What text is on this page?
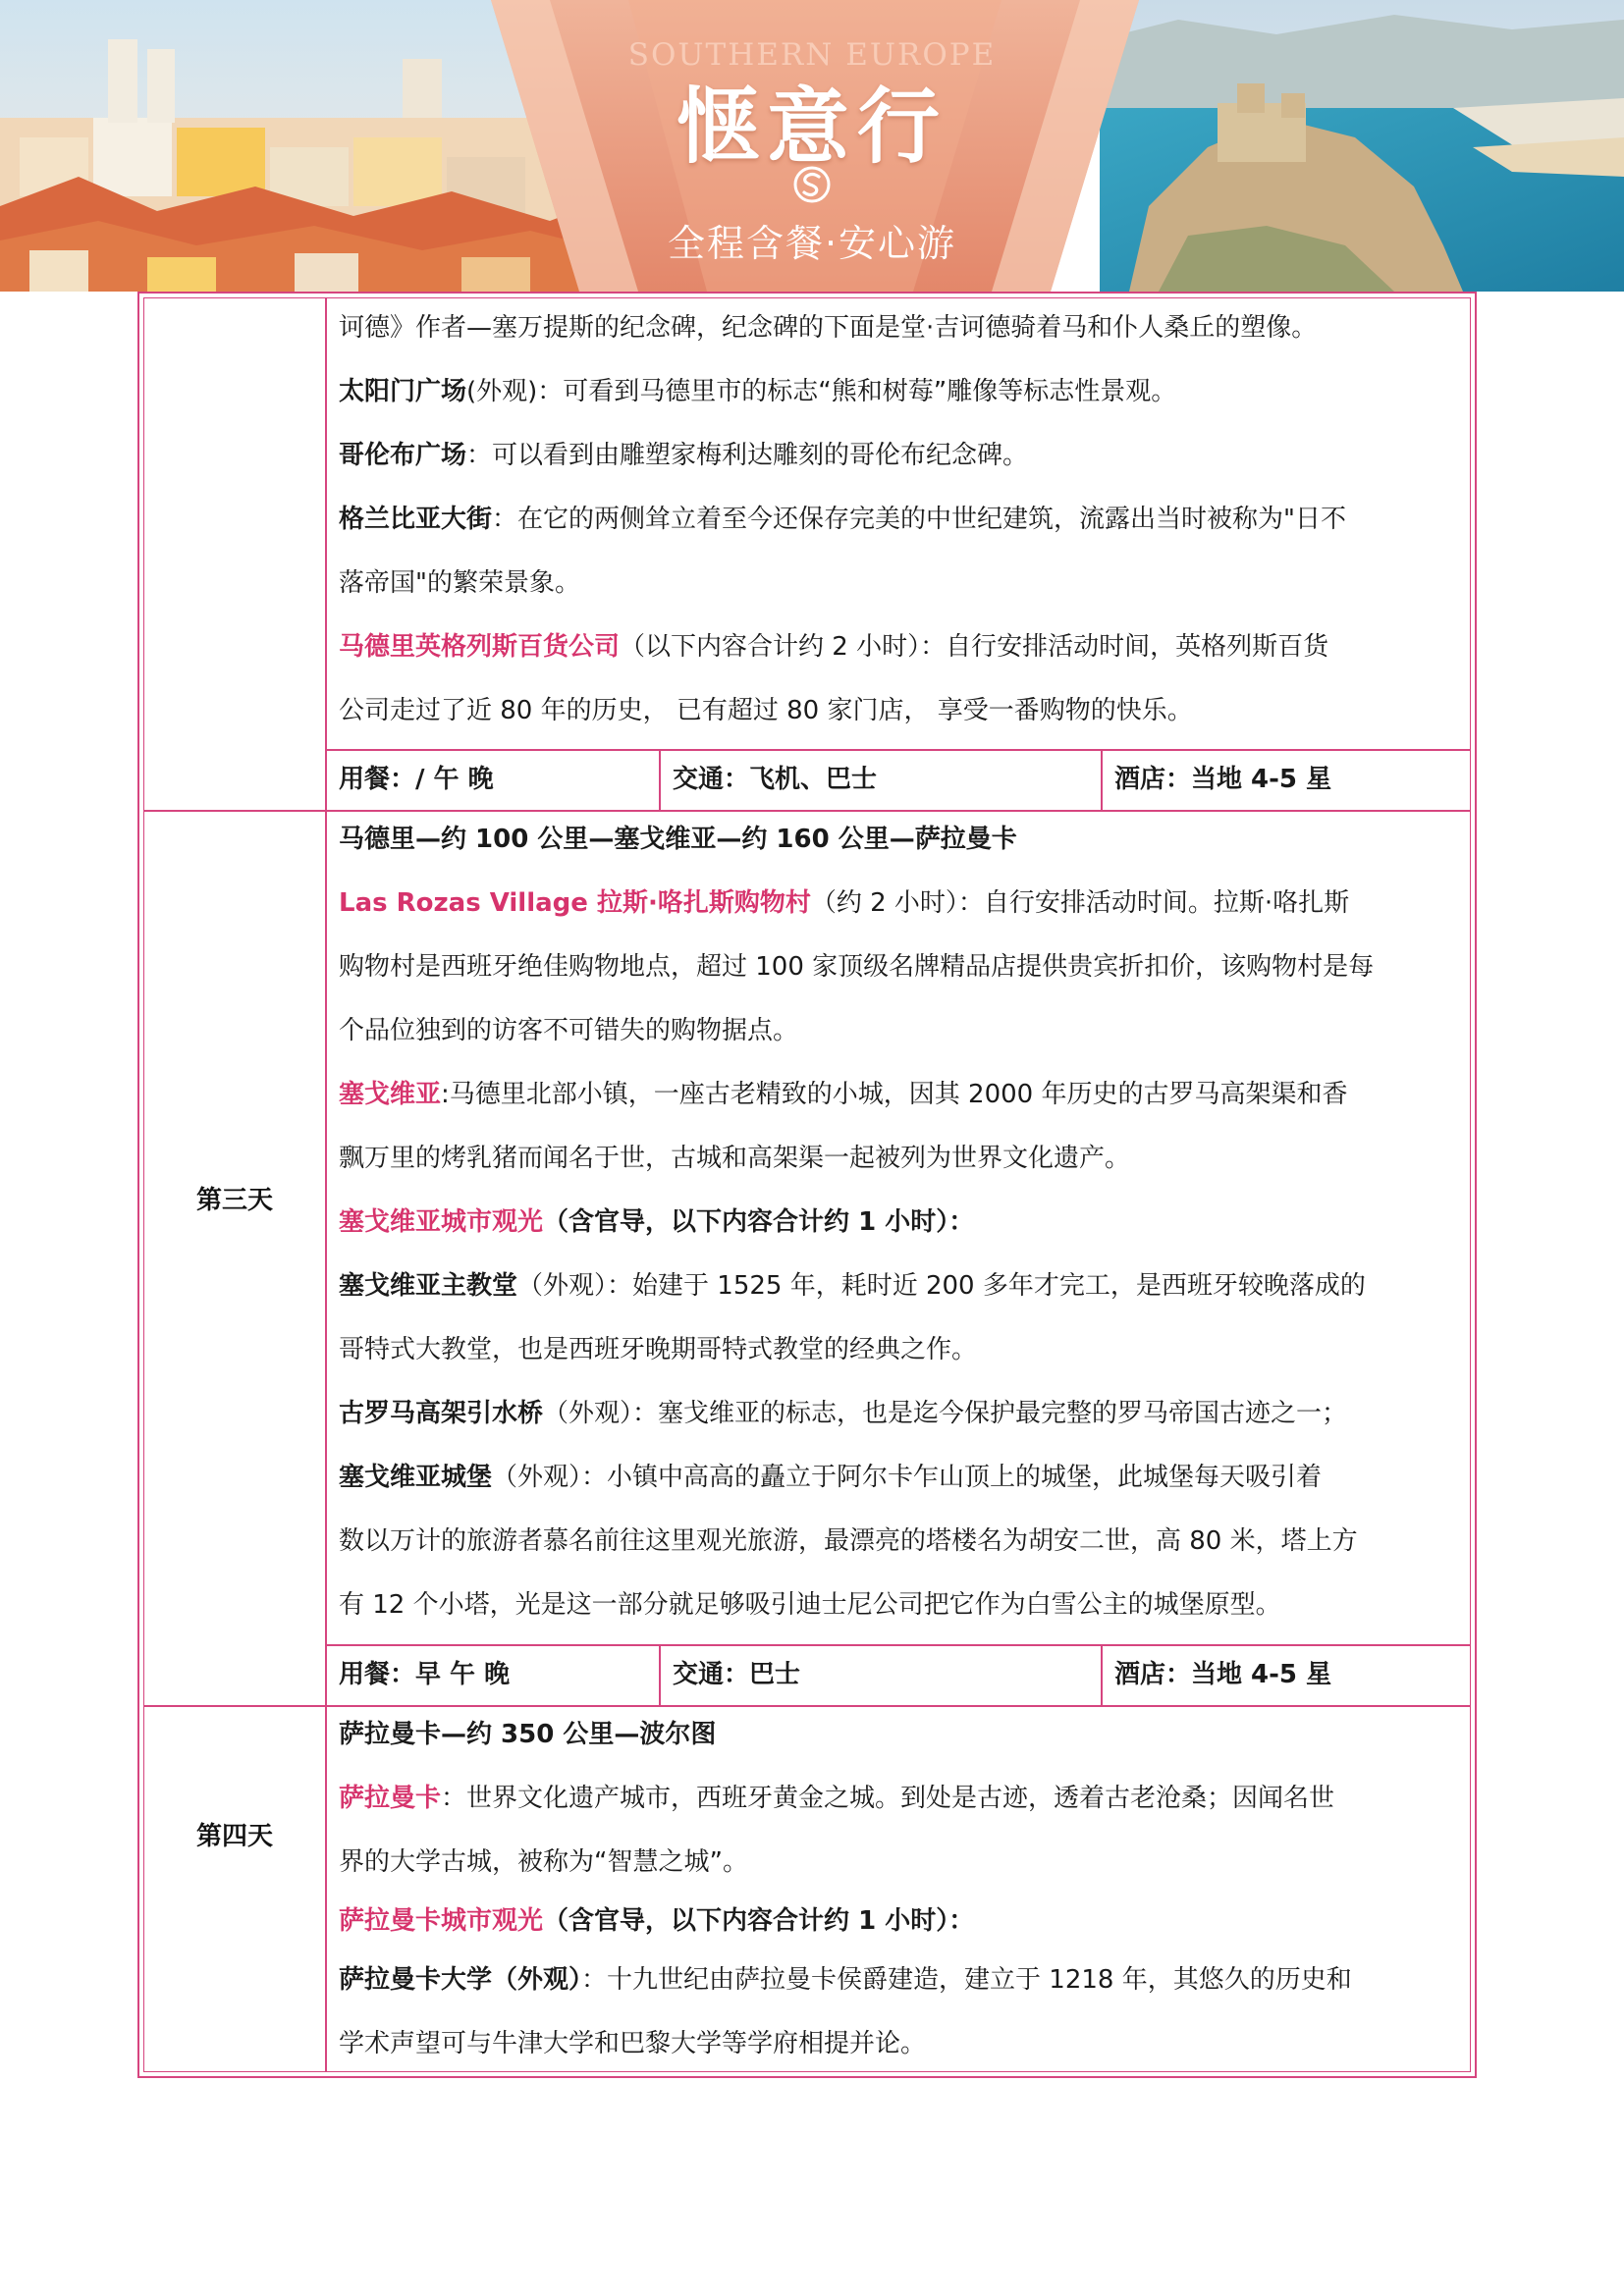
SOUTHERN EUROPE
惬意行
全程含餐·安心游
诃德》作者—塞万提斯的纪念碑，纪念碑的下面是堂·吉诃德骑着马和仆人桑丘的塑像。
太阳门广场(外观)：可看到马德里市的标志“熊和树莓”雕像等标志性景观。
哥伦布广场：可以看到由雕塑家梅利达雕刻的哥伦布纪念碑。
格兰比亚大街：在它的两侧耸立着至今还保存完美的中世纪建筑，流露出当时被称为"日不
落帝国"的繁荣景象。
马德里英格列斯百货公司（以下内容合计约 2 小时）：自行安排活动时间，英格列斯百货
公司走过了近 80 年的历史， 已有超过 80 家门店， 享受一番购物的快乐。
用餐：/ 午 晚	交通：飞机、巴士	酒店：当地 4-5 星
第三天
马德里—约 100 公里—塞戈维亚—约 160 公里—萨拉曼卡
Las Rozas Village 拉斯·咯扎斯购物村（约 2 小时）：自行安排活动时间。拉斯·咯扎斯
购物村是西班牙绝佳购物地点，超过 100 家顶级名牌精品店提供贵宾折扣价，该购物村是每
个品位独到的访客不可错失的购物据点。
塞戈维亚:马德里北部小镇，一座古老精致的小城，因其 2000 年历史的古罗马高架渠和香
飘万里的烤乳猪而闻名于世，古城和高架渠一起被列为世界文化遗产。
塞戈维亚城市观光（含官导，以下内容合计约 1 小时）：
塞戈维亚主教堂（外观）：始建于 1525 年，耗时近 200 多年才完工，是西班牙较晚落成的
哥特式大教堂，也是西班牙晚期哥特式教堂的经典之作。
古罗马高架引水桥（外观）：塞戈维亚的标志，也是迄今保护最完整的罗马帝国古迹之一；
塞戈维亚城堡（外观）：小镇中高高的矗立于阿尔卡乍山顶上的城堡，此城堡每天吸引着
数以万计的旅游者慕名前往这里观光旅游，最漂亮的塔楼名为胡安二世，高 80 米，塔上方
有 12 个小塔，光是这一部分就足够吸引迪士尼公司把它作为白雪公主的城堡原型。
用餐：早 午 晚	交通：巴士	酒店：当地 4-5 星
第四天
萨拉曼卡—约 350 公里—波尔图
萨拉曼卡：世界文化遗产城市，西班牙黄金之城。到处是古迹，透着古老沧桑；因闻名世
界的大学古城，被称为“智慧之城”。
萨拉曼卡城市观光（含官导，以下内容合计约 1 小时）：
萨拉曼卡大学（外观）：十九世纪由萨拉曼卡侯爵建造，建立于 1218 年，其悠久的历史和
学术声望可与牛津大学和巴黎大学等学府相提并论。
